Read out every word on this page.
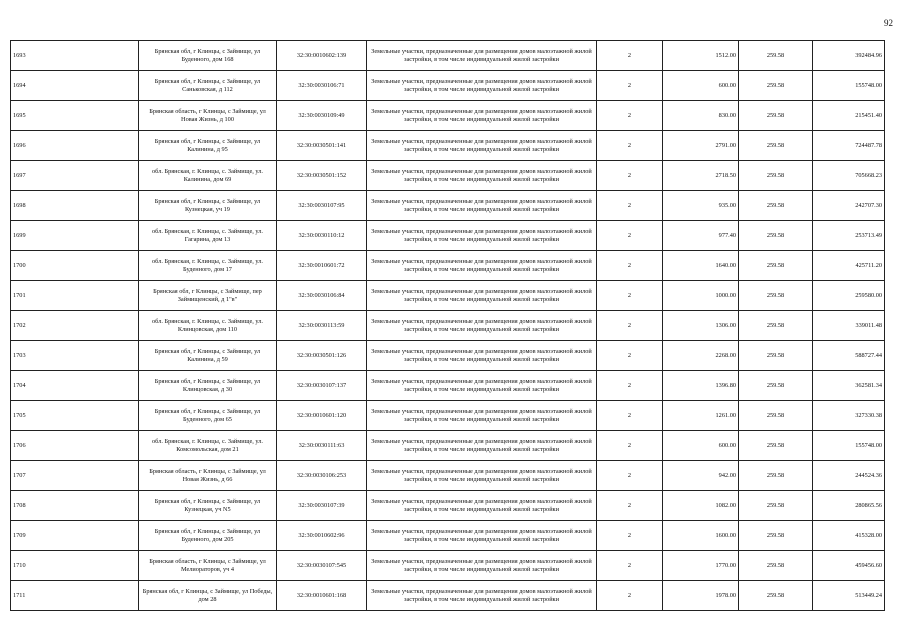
92
1693	Брянская обл, г Клинцы, с Займище, ул Буденного, дом 168	32:30:0010602:139	Земельные участки, предназначенные для размещения домов малоэтажной жилой застройки, в том числе индивидуальной жилой застройки	2	1512.00	259.58	392484.96
1694	Брянская обл, г Клинцы, с Займище, ул Саньковская, д 112	32:30:0030106:71	Земельные участки, предназначенные для размещения домов малоэтажной жилой застройки, в том числе индивидуальной жилой застройки	2	600.00	259.58	155748.00
1695	Брянская область, г Клинцы, с Займище, ул Новая Жизнь, д 100	32:30:0030109:49	Земельные участки, предназначенные для размещения домов малоэтажной жилой застройки, в том числе индивидуальной жилой застройки	2	830.00	259.58	215451.40
1696	Брянская обл, г Клинцы, с Займище, ул Калинина, д 95	32:30:0030501:141	Земельные участки, предназначенные для размещения домов малоэтажной жилой застройки, в том числе индивидуальной жилой застройки	2	2791.00	259.58	724487.78
1697	обл. Брянская, г. Клинцы, с. Займище, ул. Калинина, дом 69	32:30:0030501:152	Земельные участки, предназначенные для размещения домов малоэтажной жилой застройки, в том числе индивидуальной жилой застройки	2	2718.50	259.58	705668.23
1698	Брянская обл, г Клинцы, с Займище, ул Кузнецкая, уч 19	32:30:0030107:95	Земельные участки, предназначенные для размещения домов малоэтажной жилой застройки, в том числе индивидуальной жилой застройки	2	935.00	259.58	242707.30
1699	обл. Брянская, г. Клинцы, с. Займище, ул. Гагарина, дом 13	32:30:0030110:12	Земельные участки, предназначенные для размещения домов малоэтажной жилой застройки, в том числе индивидуальной жилой застройки	2	977.40	259.58	253713.49
1700	обл. Брянская, г. Клинцы, с. Займище, ул. Буденного, дом 17	32:30:0010601:72	Земельные участки, предназначенные для размещения домов малоэтажной жилой застройки, в том числе индивидуальной жилой застройки	2	1640.00	259.58	425711.20
1701	Брянская обл, г Клинцы, с Займище, пер Займищенский, д 1"в"	32:30:0030106:84	Земельные участки, предназначенные для размещения домов малоэтажной жилой застройки, в том числе индивидуальной жилой застройки	2	1000.00	259.58	259580.00
1702	обл. Брянская, г. Клинцы, с. Займище, ул. Клинцовская, дом 110	32:30:0030113:59	Земельные участки, предназначенные для размещения домов малоэтажной жилой застройки, в том числе индивидуальной жилой застройки	2	1306.00	259.58	339011.48
1703	Брянская обл, г Клинцы, с Займище, ул Калинина, д 59	32:30:0030501:126	Земельные участки, предназначенные для размещения домов малоэтажной жилой застройки, в том числе индивидуальной жилой застройки	2	2268.00	259.58	588727.44
1704	Брянская обл, г Клинцы, с Займище, ул Клинцовская, д 30	32:30:0030107:137	Земельные участки, предназначенные для размещения домов малоэтажной жилой застройки, в том числе индивидуальной жилой застройки	2	1396.80	259.58	362581.34
1705	Брянская обл, г Клинцы, с Займище, ул Буденного, дом 65	32:30:0010601:120	Земельные участки, предназначенные для размещения домов малоэтажной жилой застройки, в том числе индивидуальной жилой застройки	2	1261.00	259.58	327330.38
1706	обл. Брянская, г. Клинцы, с. Займище, ул. Комсомольская, дом 21	32:30:0030111:63	Земельные участки, предназначенные для размещения домов малоэтажной жилой застройки, в том числе индивидуальной жилой застройки	2	600.00	259.58	155748.00
1707	Брянская область, г Клинцы, с Займище, ул Новая Жизнь, д 66	32:30:0030106:253	Земельные участки, предназначенные для размещения домов малоэтажной жилой застройки, в том числе индивидуальной жилой застройки	2	942.00	259.58	244524.36
1708	Брянская обл, г Клинцы, с Займище, ул Кузнецкая, уч N5	32:30:0030107:39	Земельные участки, предназначенные для размещения домов малоэтажной жилой застройки, в том числе индивидуальной жилой застройки	2	1082.00	259.58	280865.56
1709	Брянская обл, г Клинцы, с Займище, ул Буденного, дом 205	32:30:0010602:96	Земельные участки, предназначенные для размещения домов малоэтажной жилой застройки, в том числе индивидуальной жилой застройки	2	1600.00	259.58	415328.00
1710	Брянская область, г Клинцы, с Займище, ул Мелиораторов, уч 4	32:30:0030107:545	Земельные участки, предназначенные для размещения домов малоэтажной жилой застройки, в том числе индивидуальной жилой застройки	2	1770.00	259.58	459456.60
1711	Брянская обл, г Клинцы, с Займище, ул Победы, дом 28	32:30:0010601:168	Земельные участки, предназначенные для размещения домов малоэтажной жилой застройки, в том числе индивидуальной жилой застройки	2	1978.00	259.58	513449.24
